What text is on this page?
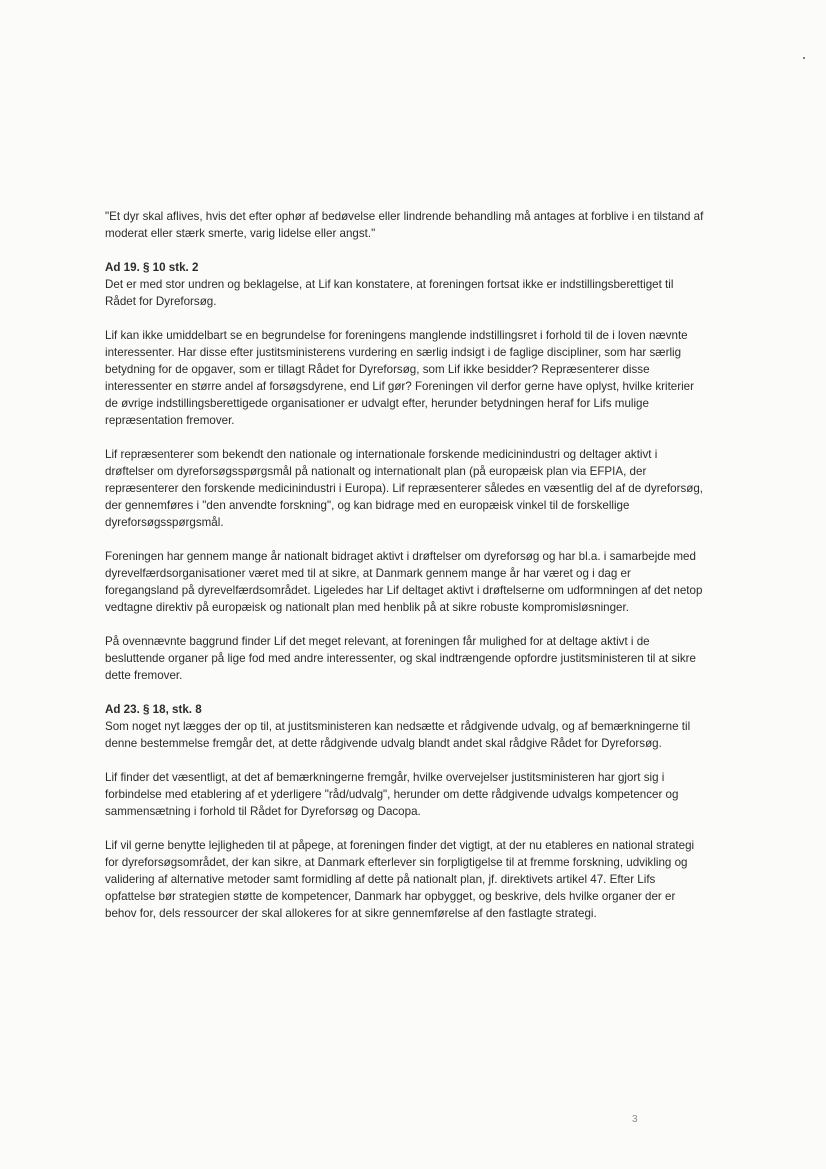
"Et dyr skal aflives, hvis det efter ophør af bedøvelse eller lindrende behandling må antages at forblive i en tilstand af moderat eller stærk smerte, varig lidelse eller angst."

Ad 19. § 10 stk. 2

Det er med stor undren og beklagelse, at Lif kan konstatere, at foreningen fortsat ikke er indstillingsberettiget til Rådet for Dyreforsøg.

Lif kan ikke umiddelbart se en begrundelse for foreningens manglende indstillingsret i forhold til de i loven nævnte interessenter. Har disse efter justitsministerens vurdering en særlig indsigt i de faglige discipliner, som har særlig betydning for de opgaver, som er tillagt Rådet for Dyreforsøg, som Lif ikke besidder? Repræsenterer disse interessenter en større andel af forsøgsdyrene, end Lif gør? Foreningen vil derfor gerne have oplyst, hvilke kriterier de øvrige indstillingsberettigede organisationer er udvalgt efter, herunder betydningen heraf for Lifs mulige repræsentation fremover.

Lif repræsenterer som bekendt den nationale og internationale forskende medicinindustri og deltager aktivt i drøftelser om dyreforsøgsspørgsmål på nationalt og internationalt plan (på europæisk plan via EFPIA, der repræsenterer den forskende medicinindustri i Europa). Lif repræsenterer således en væsentlig del af de dyreforsøg, der gennemføres i "den anvendte forskning", og kan bidrage med en europæisk vinkel til de forskellige dyreforsøgsspørgsmål.

Foreningen har gennem mange år nationalt bidraget aktivt i drøftelser om dyreforsøg og har bl.a. i samarbejde med dyrevelfærdsorganisationer været med til at sikre, at Danmark gennem mange år har været og i dag er foregangsland på dyrevelfærdsområdet. Ligeledes har Lif deltaget aktivt i drøftelserne om udformningen af det netop vedtagne direktiv på europæisk og nationalt plan med henblik på at sikre robuste kompromisløsninger.

På ovennævnte baggrund finder Lif det meget relevant, at foreningen får mulighed for at deltage aktivt i de besluttende organer på lige fod med andre interessenter, og skal indtrængende opfordre justitsministeren til at sikre dette fremover.

Ad 23. § 18, stk. 8

Som noget nyt lægges der op til, at justitsministeren kan nedsætte et rådgivende udvalg, og af bemærkningerne til denne bestemmelse fremgår det, at dette rådgivende udvalg blandt andet skal rådgive Rådet for Dyreforsøg.

Lif finder det væsentligt, at det af bemærkningerne fremgår, hvilke overvejelser justitsministeren har gjort sig i forbindelse med etablering af et yderligere "råd/udvalg", herunder om dette rådgivende udvalgs kompetencer og sammensætning i forhold til Rådet for Dyreforsøg og Dacopa.

Lif vil gerne benytte lejligheden til at påpege, at foreningen finder det vigtigt, at der nu etableres en national strategi for dyreforsøgsområdet, der kan sikre, at Danmark efterlever sin forpligtigelse til at fremme forskning, udvikling og validering af alternative metoder samt formidling af dette på nationalt plan, jf. direktivets artikel 47. Efter Lifs opfattelse bør strategien støtte de kompetencer, Danmark har opbygget, og beskrive, dels hvilke organer der er behov for, dels ressourcer der skal allokeres for at sikre gennemførelse af den fastlagte strategi.

3
